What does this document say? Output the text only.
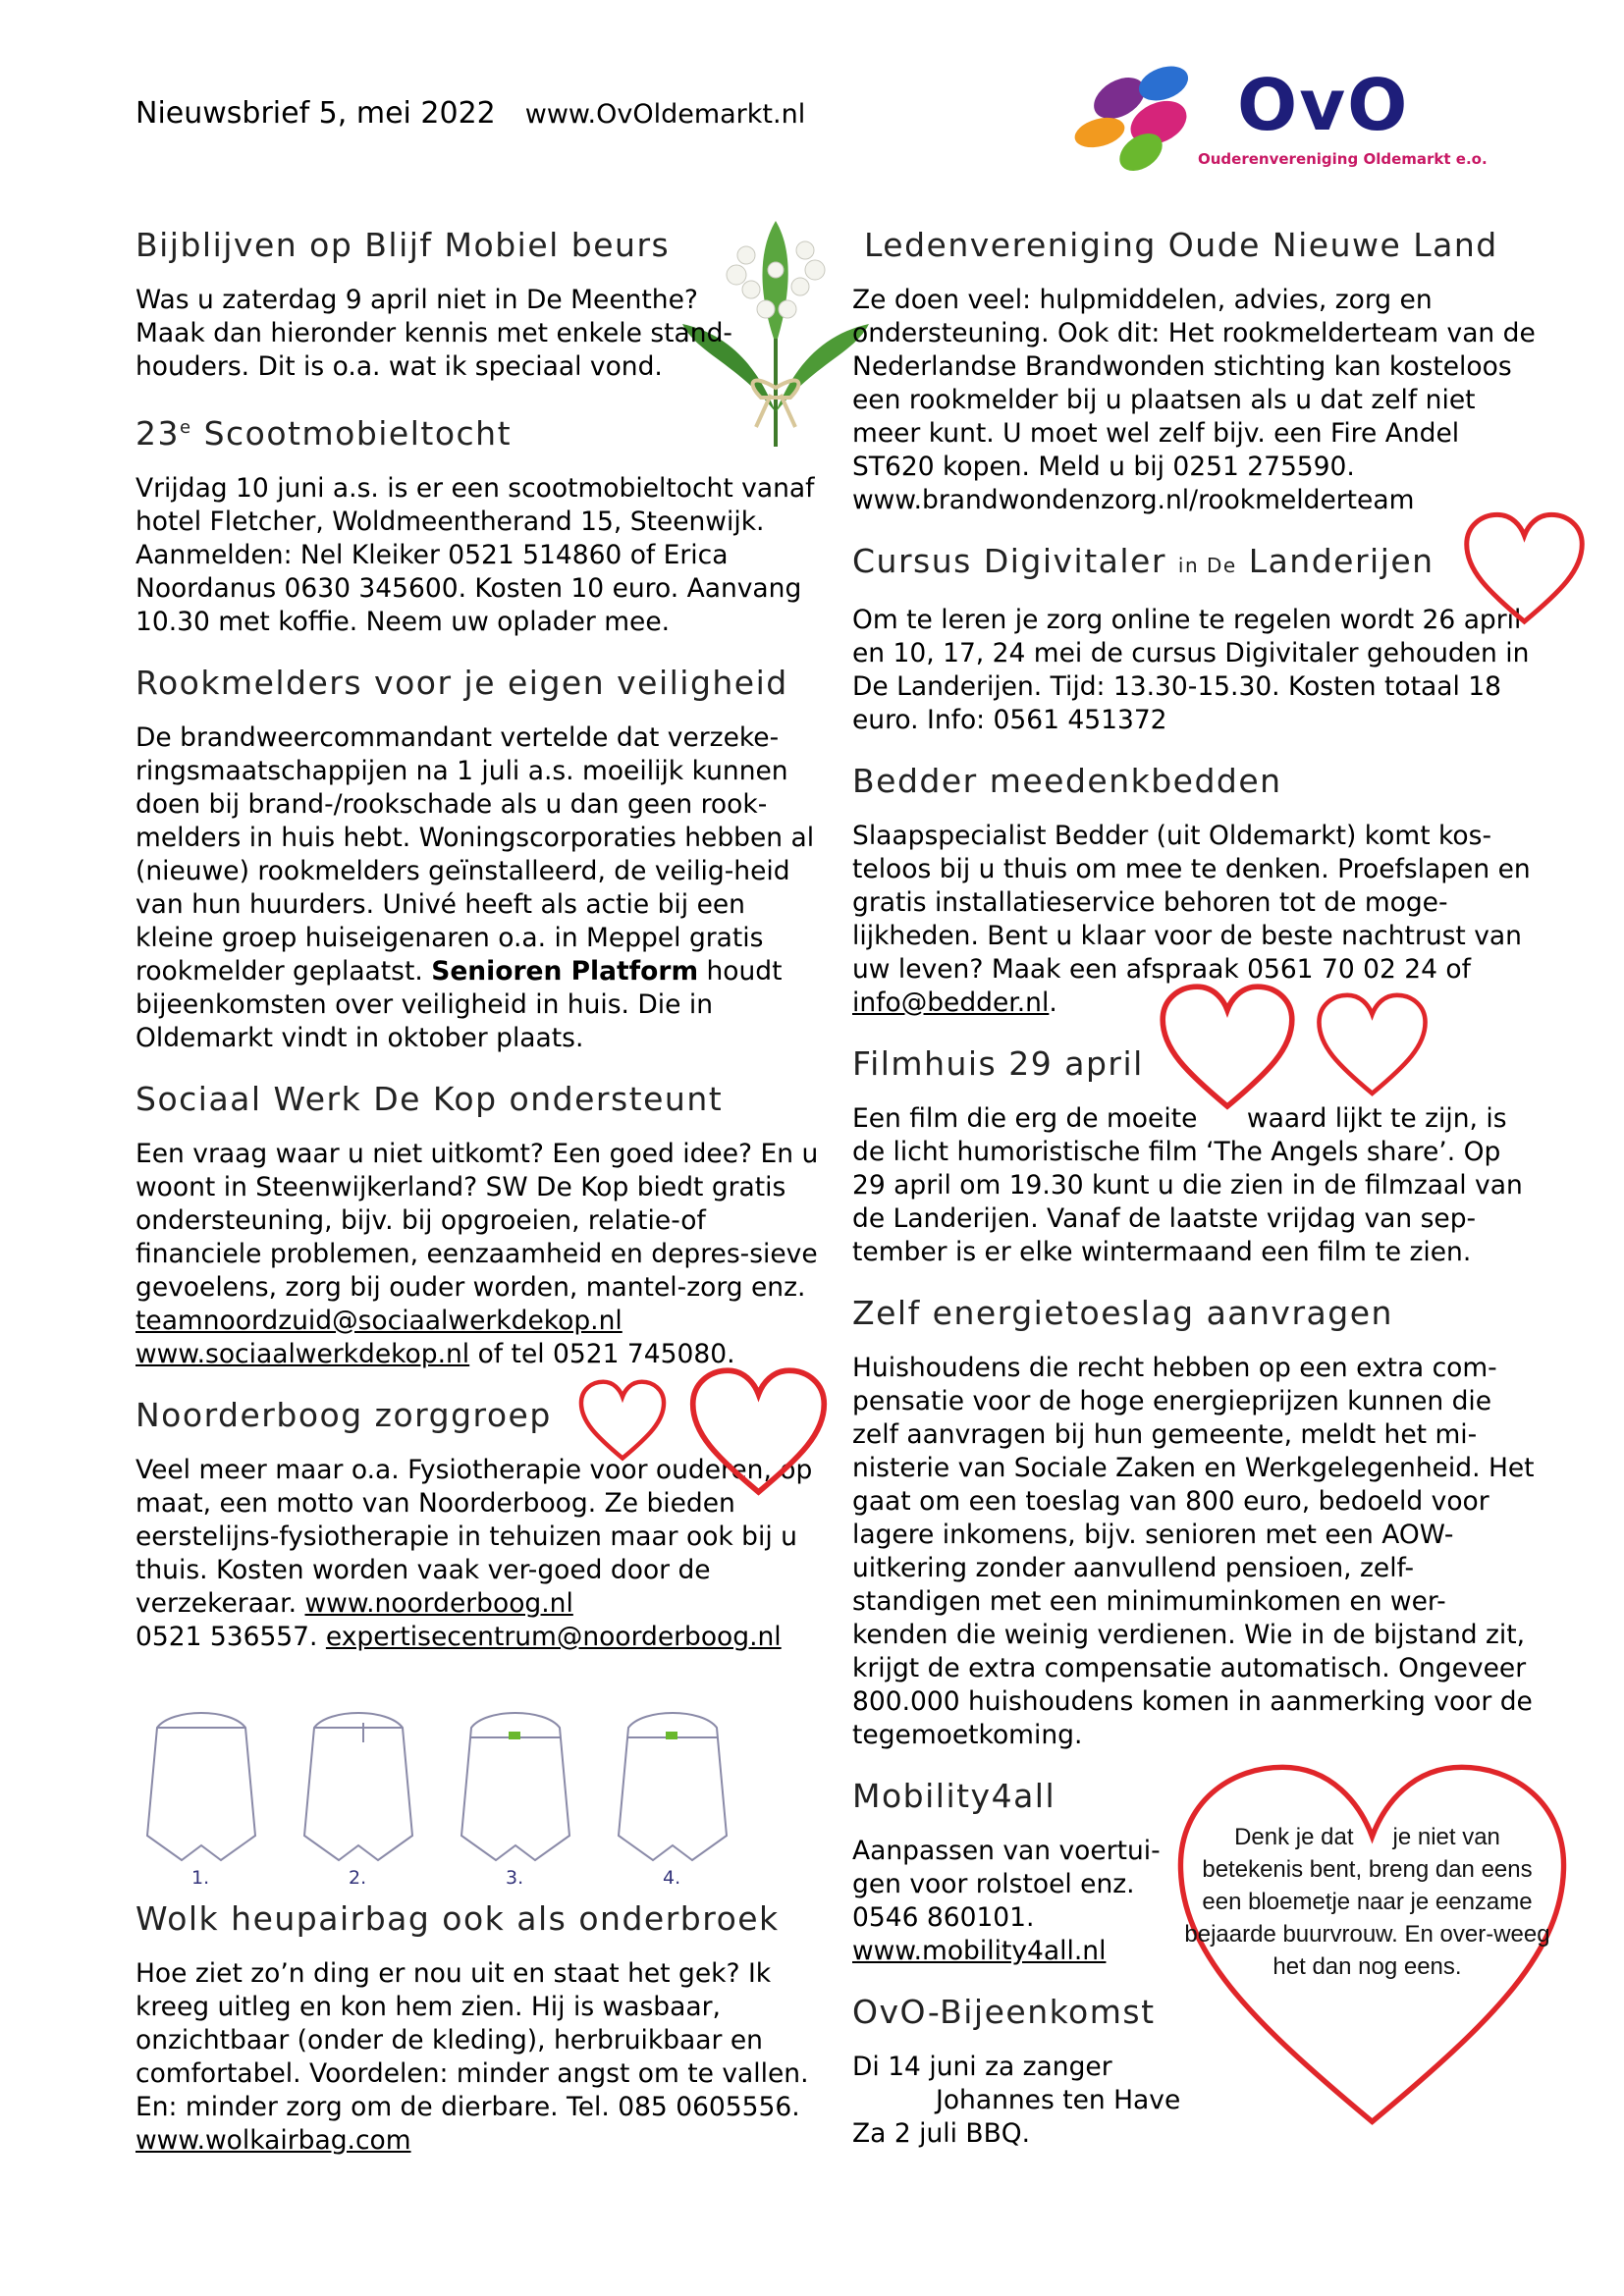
Nieuwsbrief 5, mei 2022 www.OvOldemarkt.nl	OvO
Ouderenvereniging Oldemarkt e.o.
Bijblijven op Blijf Mobiel beurs

Was u zaterdag 9 april niet in De Meenthe? Maak dan hieronder kennis met enkele stand-houders. Dit is o.a. wat ik speciaal vond.

23e Scootmobieltocht

Vrijdag 10 juni a.s. is er een scootmobieltocht vanaf hotel Fletcher, Woldmeentherand 15, Steenwijk. Aanmelden: Nel Kleiker 0521 514860 of Erica Noordanus 0630 345600. Kosten 10 euro. Aanvang 10.30 met koffie. Neem uw oplader mee.

Rookmelders voor je eigen veiligheid

De brandweercommandant vertelde dat verzeke-ringsmaatschappijen na 1 juli a.s. moeilijk kunnen doen bij brand-/rookschade als u dan geen rook-melders in huis hebt. Woningscorporaties hebben al (nieuwe) rookmelders geïnstalleerd, de veilig-heid van hun huurders. Univé heeft als actie bij een kleine groep huiseigenaren o.a. in Meppel gratis rookmelder geplaatst. Senioren Platform houdt bijeenkomsten over veiligheid in huis. Die in Oldemarkt vindt in oktober plaats.

Sociaal Werk De Kop ondersteunt

Een vraag waar u niet uitkomt? Een goed idee? En u woont in Steenwijkerland? SW De Kop biedt gratis ondersteuning, bijv. bij opgroeien, relatie-of financiele problemen, eenzaamheid en depres-sieve gevoelens, zorg bij ouder worden, mantel-zorg enz. teamnoordzuid@sociaalwerkdekop.nl
www.sociaalwerkdekop.nl of tel 0521 745080.

Noorderboog zorggroep

Veel meer maar o.a. Fysiotherapie voor ouderen, op maat, een motto van Noorderboog. Ze bieden eerstelijns-fysiotherapie in tehuizen maar ook bij u thuis. Kosten worden vaak ver-goed door de verzekeraar. www.noorderboog.nl
0521 536557. expertisecentrum@noorderboog.nl

1.	2.	3.	4.
Wolk heupairbag ook als onderbroek

Hoe ziet zo’n ding er nou uit en staat het gek? Ik kreeg uitleg en kon hem zien. Hij is wasbaar, onzichtbaar (onder de kleding), herbruikbaar en comfortabel. Voordelen: minder angst om te vallen. En: minder zorg om de dierbare. Tel. 085 0605556. www.wolkairbag.com

Ledenvereniging Oude Nieuwe Land

Ze doen veel: hulpmiddelen, advies, zorg en ondersteuning. Ook dit: Het rookmelderteam van de Nederlandse Brandwonden stichting kan kosteloos een rookmelder bij u plaatsen als u dat zelf niet meer kunt. U moet wel zelf bijv. een Fire Andel ST620 kopen. Meld u bij 0251 275590. www.brandwondenzorg.nl/rookmelderteam

Cursus Digivitaler in De Landerijen

Om te leren je zorg online te regelen wordt 26 april en 10, 17, 24 mei de cursus Digivitaler gehouden in De Landerijen. Tijd: 13.30-15.30. Kosten totaal 18 euro. Info: 0561 451372

Bedder meedenkbedden

Slaapspecialist Bedder (uit Oldemarkt) komt kos-teloos bij u thuis om mee te denken. Proefslapen en gratis installatieservice behoren tot de moge-lijkheden. Bent u klaar voor de beste nachtrust van uw leven? Maak een afspraak 0561 70 02 24 of info@bedder.nl.

Filmhuis 29 april

Een film die erg de moeite      waard lijkt te zijn, is de licht humoristische film ‘The Angels share’. Op 29 april om 19.30 kunt u die zien in de filmzaal van de Landerijen. Vanaf de laatste vrijdag van sep-tember is er elke wintermaand een film te zien.

Zelf energietoeslag aanvragen

Huishoudens die recht hebben op een extra com-pensatie voor de hoge energieprijzen kunnen die zelf aanvragen bij hun gemeente, meldt het mi-nisterie van Sociale Zaken en Werkgelegenheid. Het gaat om een toeslag van 800 euro, bedoeld voor lagere inkomens, bijv. senioren met een AOW-uitkering zonder aanvullend pensioen, zelf-standigen met een minimuminkomen en wer-kenden die weinig verdienen. Wie in de bijstand zit, krijgt de extra compensatie automatisch. Ongeveer 800.000 huishoudens komen in aanmerking voor de tegemoetkoming.

Mobility4all

Aanpassen van voertui-gen voor rolstoel enz. 0546 860101.
www.mobility4all.nl

OvO-Bijeenkomst

Di 14 juni za zanger
Johannes ten Have
Za 2 juli BBQ.

Denk je dat      je niet van betekenis bent, breng dan eens een bloemetje naar je eenzame bejaarde buurvrouw. En over-weeg het dan nog eens.
